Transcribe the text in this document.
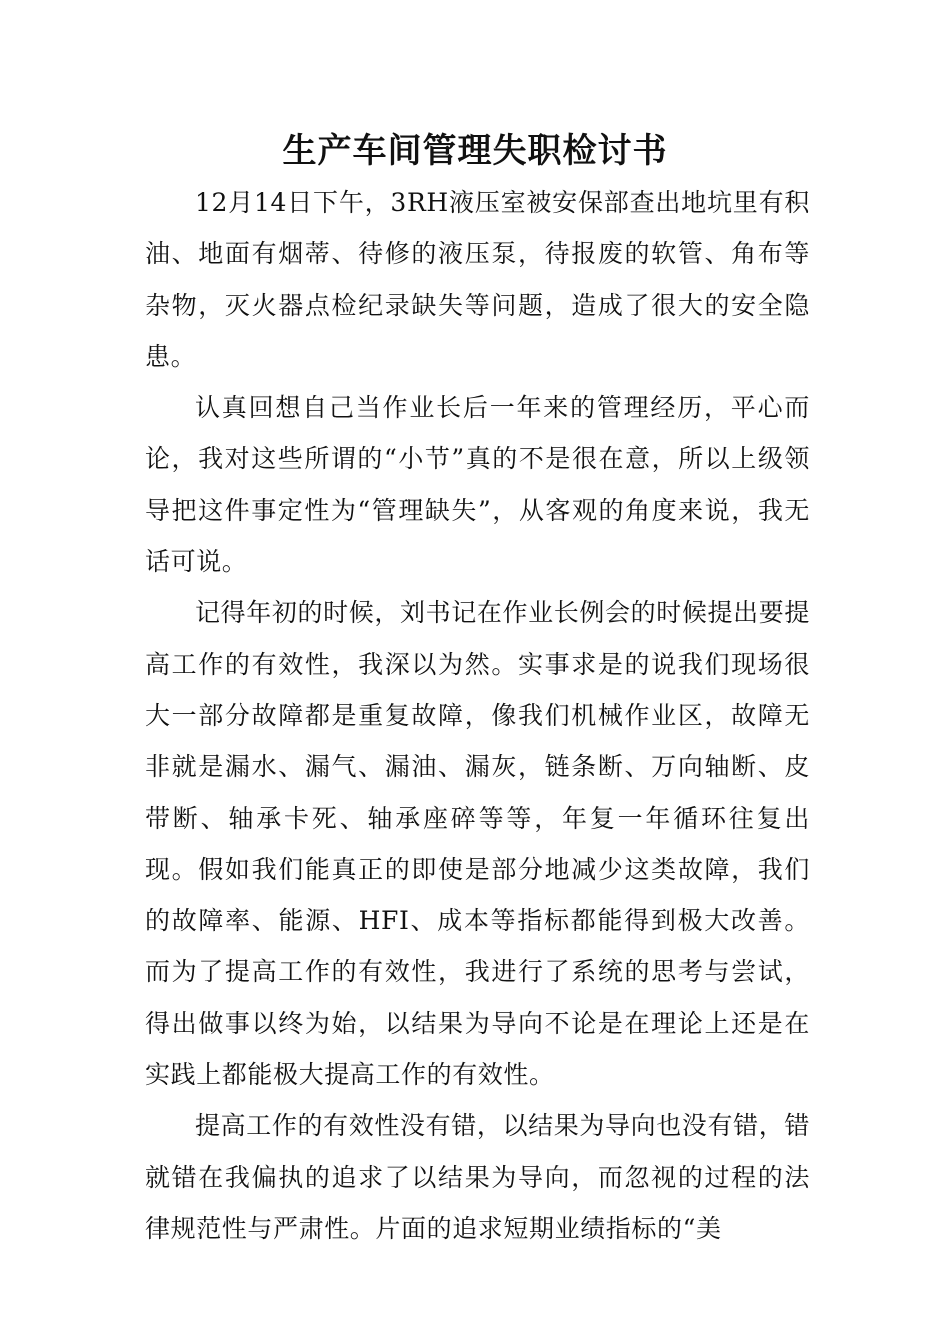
生产车间管理失职检讨书

12月14日下午，3RH液压室被安保部查出地坑里有积油、地面有烟蒂、待修的液压泵，待报废的软管、角布等杂物，灭火器点检纪录缺失等问题，造成了很大的安全隐患。

认真回想自己当作业长后一年来的管理经历，平心而论，我对这些所谓的“小节”真的不是很在意，所以上级领导把这件事定性为“管理缺失”，从客观的角度来说，我无话可说。

记得年初的时候，刘书记在作业长例会的时候提出要提高工作的有效性，我深以为然。实事求是的说我们现场很大一部分故障都是重复故障，像我们机械作业区，故障无非就是漏水、漏气、漏油、漏灰，链条断、万向轴断、皮带断、轴承卡死、轴承座碎等等，年复一年循环往复出现。假如我们能真正的即使是部分地减少这类故障，我们的故障率、能源、HFI、成本等指标都能得到极大改善。而为了提高工作的有效性，我进行了系统的思考与尝试，得出做事以终为始，以结果为导向不论是在理论上还是在实践上都能极大提高工作的有效性。

提高工作的有效性没有错，以结果为导向也没有错，错就错在我偏执的追求了以结果为导向，而忽视的过程的法律规范性与严肃性。片面的追求短期业绩指标的“美
